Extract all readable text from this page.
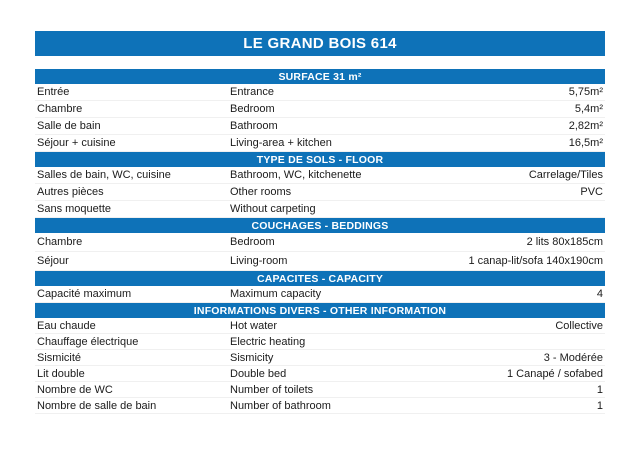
LE GRAND BOIS 614
SURFACE 31 m²
Entrée	Entrance	5,75m²
Chambre	Bedroom	5,4m²
Salle de bain	Bathroom	2,82m²
Séjour + cuisine	Living-area + kitchen	16,5m²
TYPE DE SOLS - FLOOR
Salles de bain, WC, cuisine	Bathroom, WC, kitchenette	Carrelage/Tiles
Autres pièces	Other rooms	PVC
Sans moquette	Without carpeting
COUCHAGES - BEDDINGS
Chambre	Bedroom	2 lits 80x185cm
Séjour	Living-room	1 canap-lit/sofa 140x190cm
CAPACITES - CAPACITY
Capacité maximum	Maximum capacity	4
INFORMATIONS DIVERS - OTHER INFORMATION
Eau chaude	Hot water	Collective
Chauffage électrique	Electric heating
Sismicité	Sismicity	3 - Modérée
Lit double	Double bed	1 Canapé / sofabed
Nombre de WC	Number of toilets	1
Nombre de salle de bain	Number of bathroom	1
